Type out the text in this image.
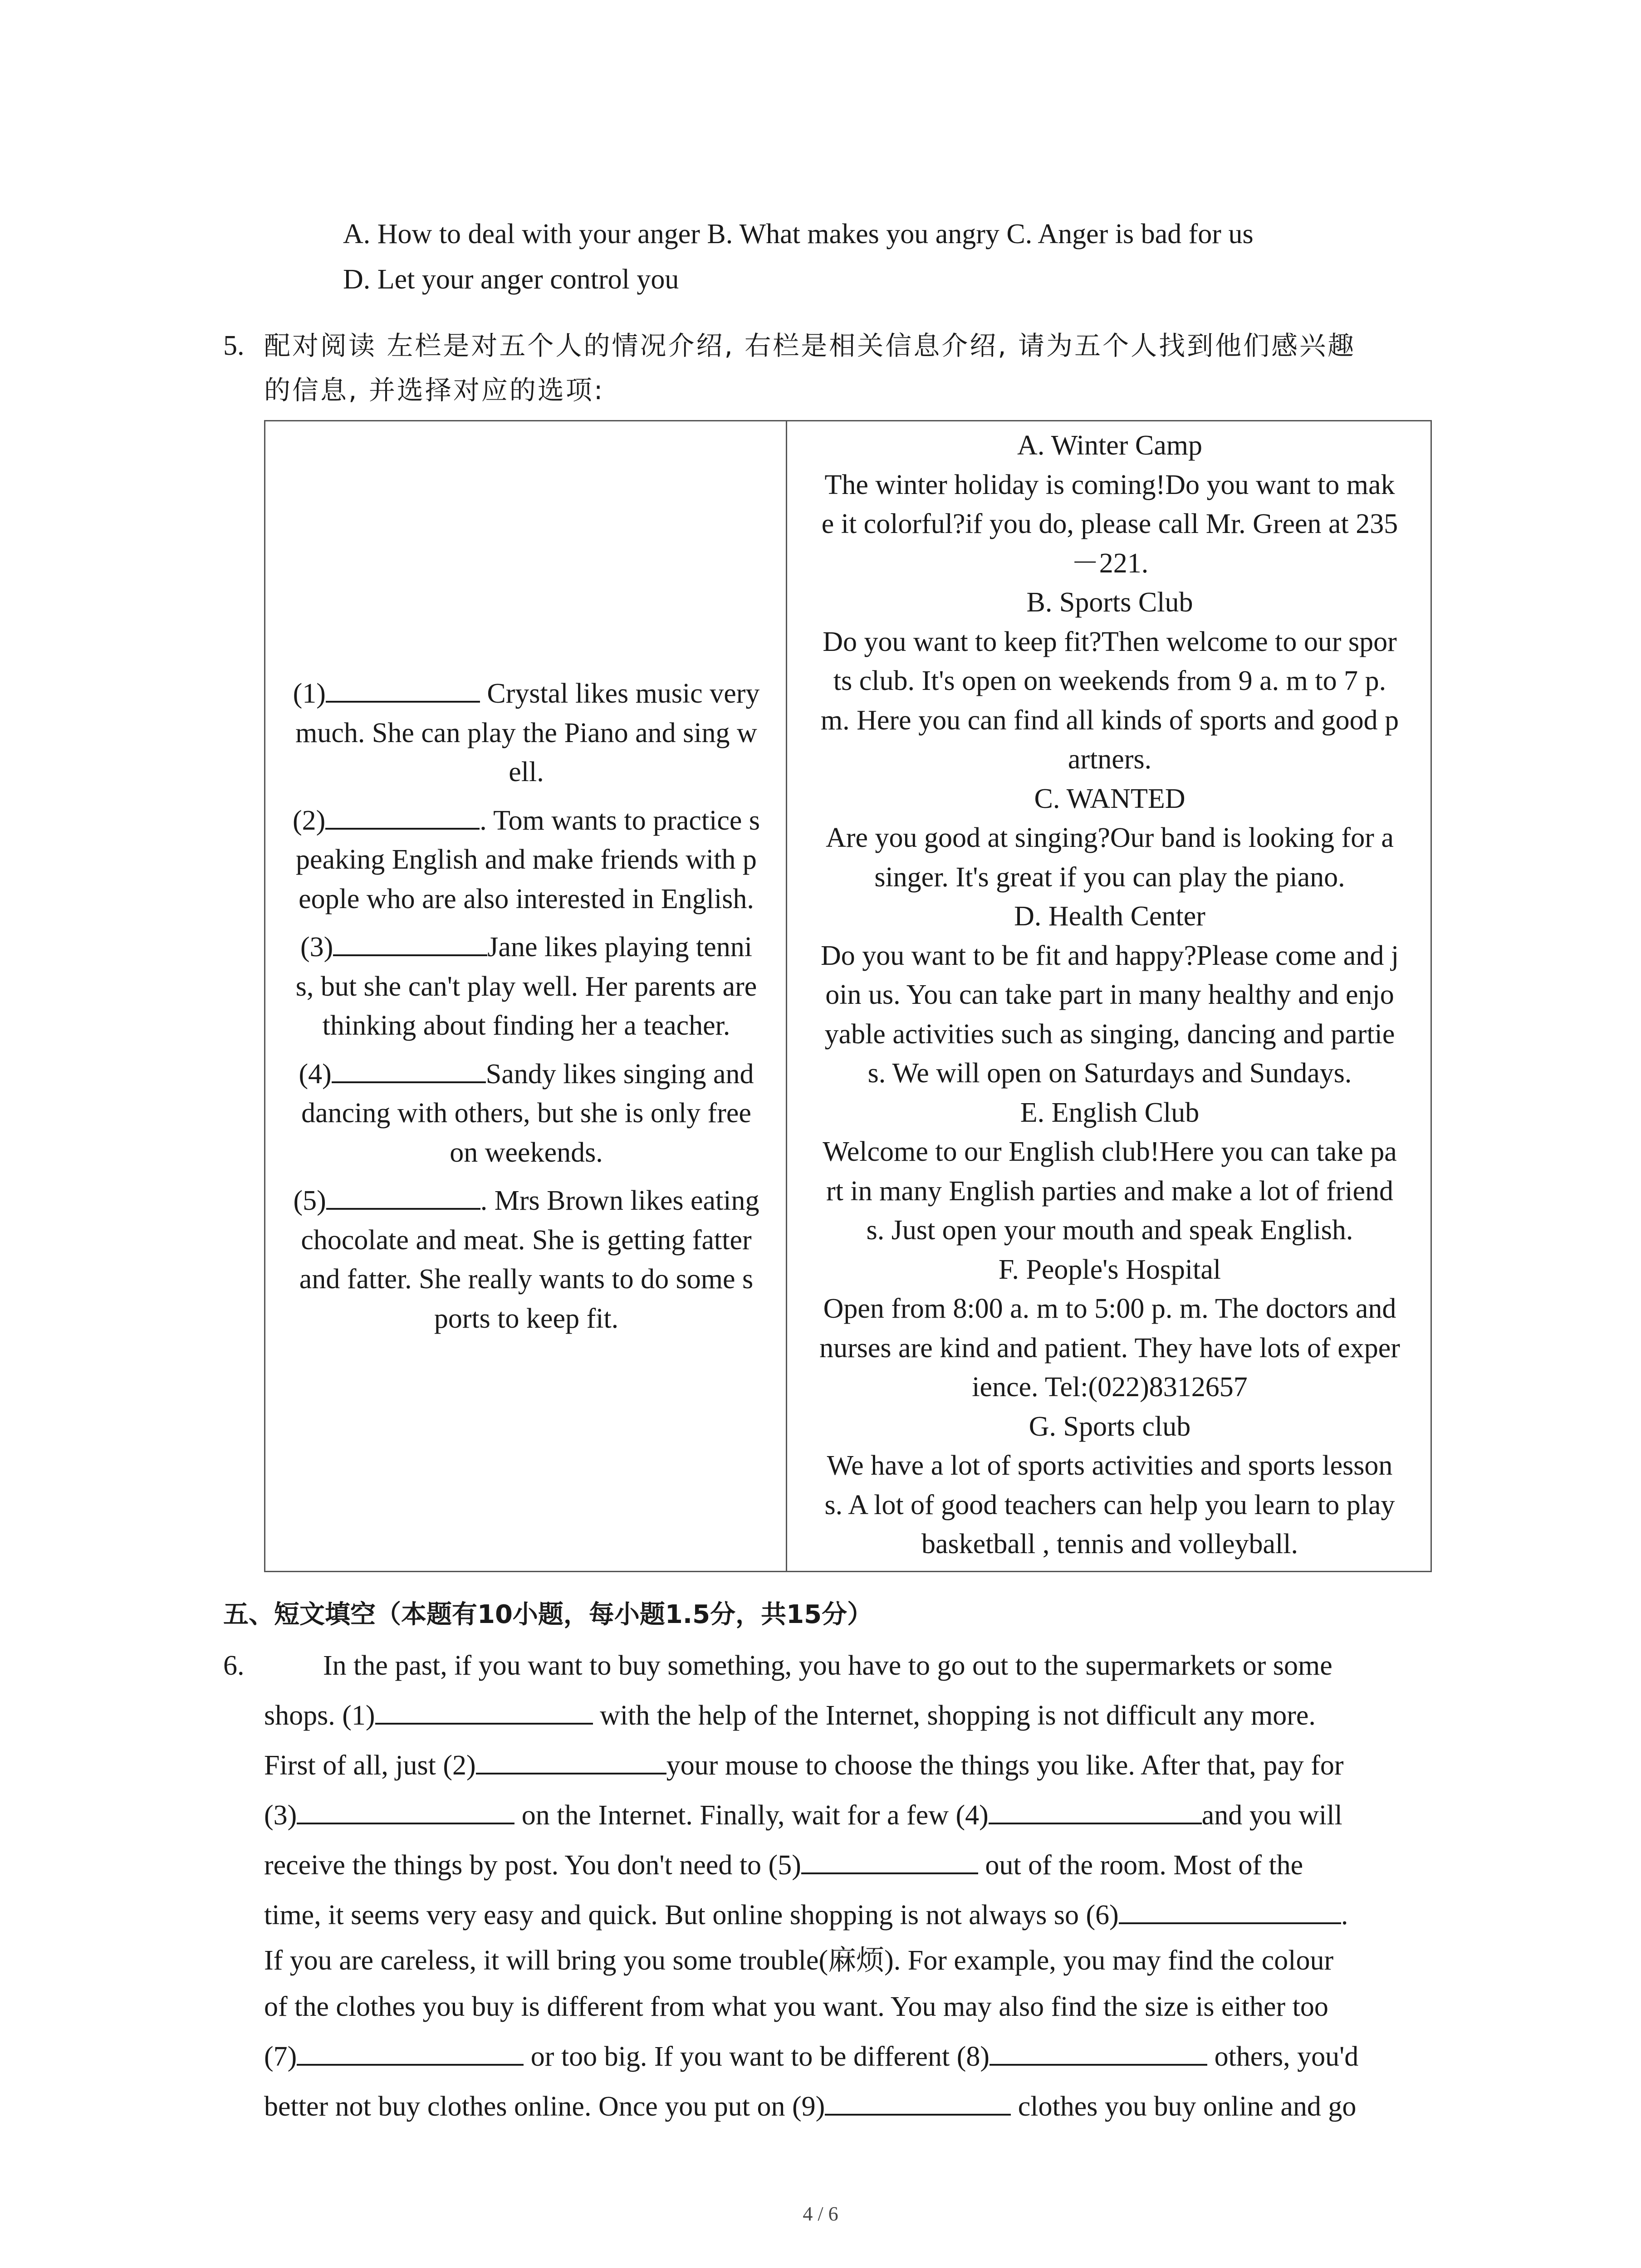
A. How to deal with your anger B. What makes you angry C. Anger is bad for us
D. Let your anger control you
5. 配对阅读 左栏是对五个人的情况介绍, 右栏是相关信息介绍, 请为五个人找到他们感兴趣
的信息, 并选择对应的选项:

(1)	Crystal likes music very

much. She can play the Piano and sing w

ell.

(2)	. Tom wants to practice s

peaking English and make friends with p

eople who are also interested in English.

(3)	Jane likes playing tenni

s, but she can't play well. Her parents are

thinking about finding her a teacher.

(4)	Sandy likes singing and

dancing with others, but she is only free

on weekends.

(5)	. Mrs Brown likes eating

chocolate and meat. She is getting fatter

and fatter. She really wants to do some s

ports to keep fit.

A. Winter Camp

The winter holiday is coming!Do you want to mak

e it colorful?if you do, please call Mr. Green at 235

－221.

B. Sports Club

Do you want to keep fit?Then welcome to our spor

ts club. It's open on weekends from 9 a. m to 7 p.

m. Here you can find all kinds of sports and good p

artners.

C. WANTED

Are you good at singing?Our band is looking for a

singer. It's great if you can play the piano.

D. Health Center

Do you want to be fit and happy?Please come and j

oin us. You can take part in many healthy and enjo

yable activities such as singing, dancing and partie

s. We will open on Saturdays and Sundays.

E. English Club

Welcome to our English club!Here you can take pa

rt in many English parties and make a lot of friend

s. Just open your mouth and speak English.

F. People's Hospital

Open from 8:00 a. m to 5:00 p. m. The doctors and

nurses are kind and patient. They have lots of exper

ience. Tel:(022)8312657

G. Sports club

We have a lot of sports activities and sports lesson

s. A lot of good teachers can help you learn to play

basketball , tennis and volleyball.

五、短文填空（本题有10小题，每小题1.5分，共15分）
6.	In the past, if you want to buy something, you have to go out to the supermarkets or some
shops. (1)	with the help of the Internet, shopping is not difficult any more.
First of all, just (2)	your mouse to choose the things you like. After that, pay for
(3)	on the Internet. Finally, wait for a few (4)	and you will
receive the things by post. You don't need to (5)	out of the room. Most of the
time, it seems very easy and quick. But online shopping is not always so (6)	.
If you are careless, it will bring you some trouble(麻烦). For example, you may find the colour
of the clothes you buy is different from what you want. You may also find the size is either too
(7)	or too big. If you want to be different (8)	others, you'd
better not buy clothes online. Once you put on (9)	clothes you buy online and go
4 / 6
